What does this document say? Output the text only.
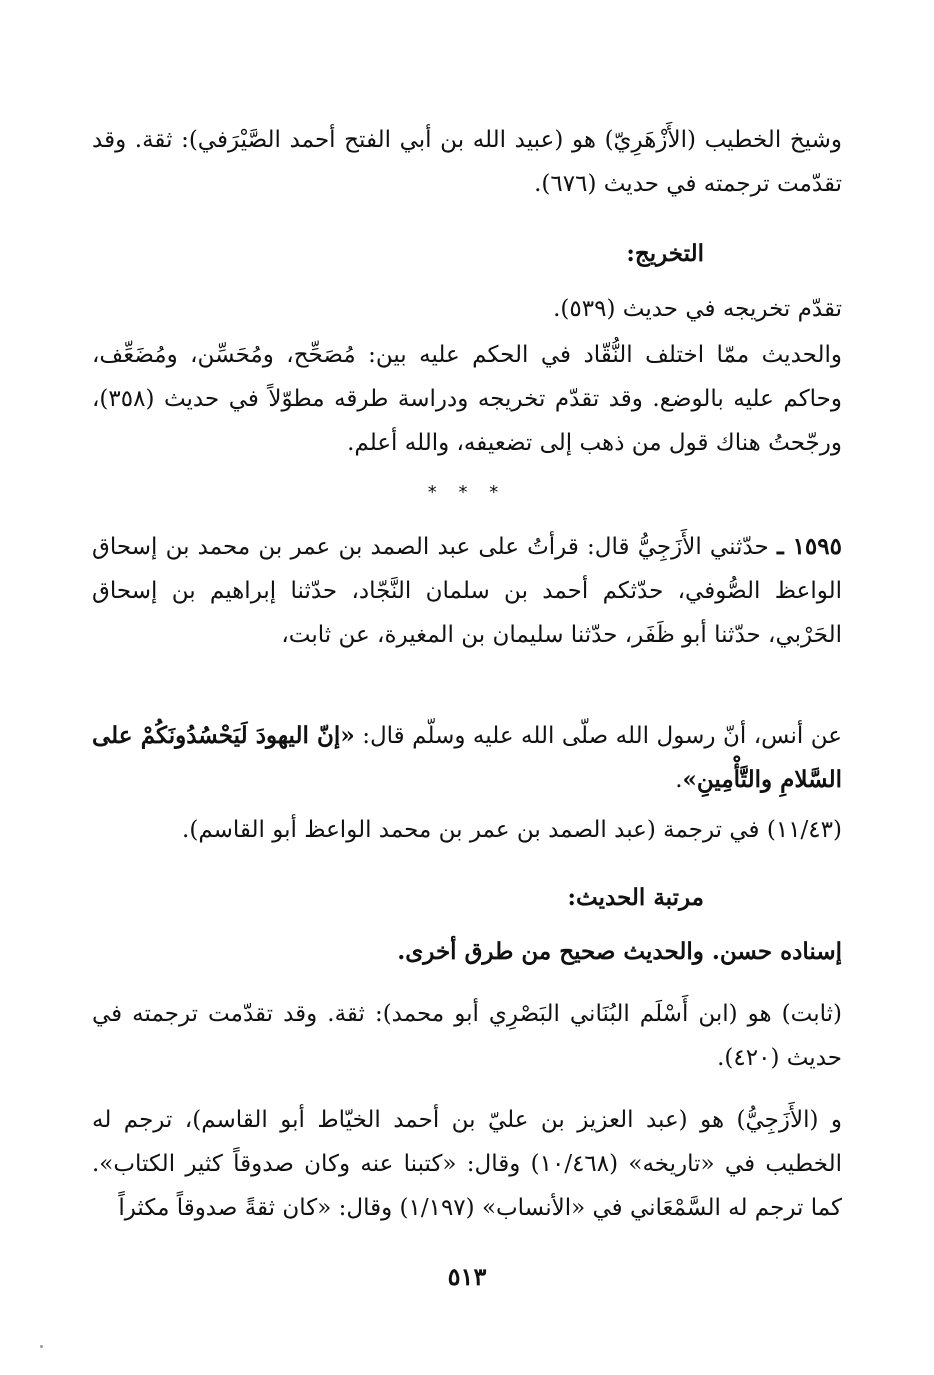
وشيخ الخطيب (الأَزْهَرِيّ) هو (عبيد الله بن أبي الفتح أحمد الصَّيْرَفي): ثقة. وقد تقدّمت ترجمته في حديث (٦٧٦).

التخريج:

تقدّم تخريجه في حديث (٥٣٩).

والحديث ممّا اختلف النُّقّاد في الحكم عليه بين: مُصَحِّح، ومُحَسِّن، ومُضَعِّف، وحاكم عليه بالوضع. وقد تقدّم تخريجه ودراسة طرقه مطوّلاً في حديث (٣٥٨)، ورجّحتُ هناك قول من ذهب إلى تضعيفه، والله أعلم.

* * *

١٥٩٥ ـ حدّثني الأَزَجِيُّ قال: قرأتُ على عبد الصمد بن عمر بن محمد بن إسحاق الواعظ الصُّوفي، حدّثكم أحمد بن سلمان النَّجّاد، حدّثنا إبراهيم بن إسحاق الحَرْبي، حدّثنا أبو ظَفَر، حدّثنا سليمان بن المغيرة، عن ثابت،

عن أنس، أنّ رسول الله صلّى الله عليه وسلّم قال: «إنّ اليهودَ لَيَحْسُدُونَكُمْ على السَّلامِ والتَّأْمِينِ».

(١١/٤٣) في ترجمة (عبد الصمد بن عمر بن محمد الواعظ أبو القاسم).

مرتبة الحديث:

إسناده حسن. والحديث صحيح من طرق أخرى.

(ثابت) هو (ابن أَسْلَم البُنَاني البَصْرِي أبو محمد): ثقة. وقد تقدّمت ترجمته في حديث (٤٢٠).

و (الأَزَجِيُّ) هو (عبد العزيز بن عليّ بن أحمد الخيّاط أبو القاسم)، ترجم له الخطيب في «تاريخه» (١٠/٤٦٨) وقال: «كتبنا عنه وكان صدوقاً كثير الكتاب». كما ترجم له السَّمْعَاني في «الأنساب» (١/١٩٧) وقال: «كان ثقةً صدوقاً مكثراً

٥١٣
